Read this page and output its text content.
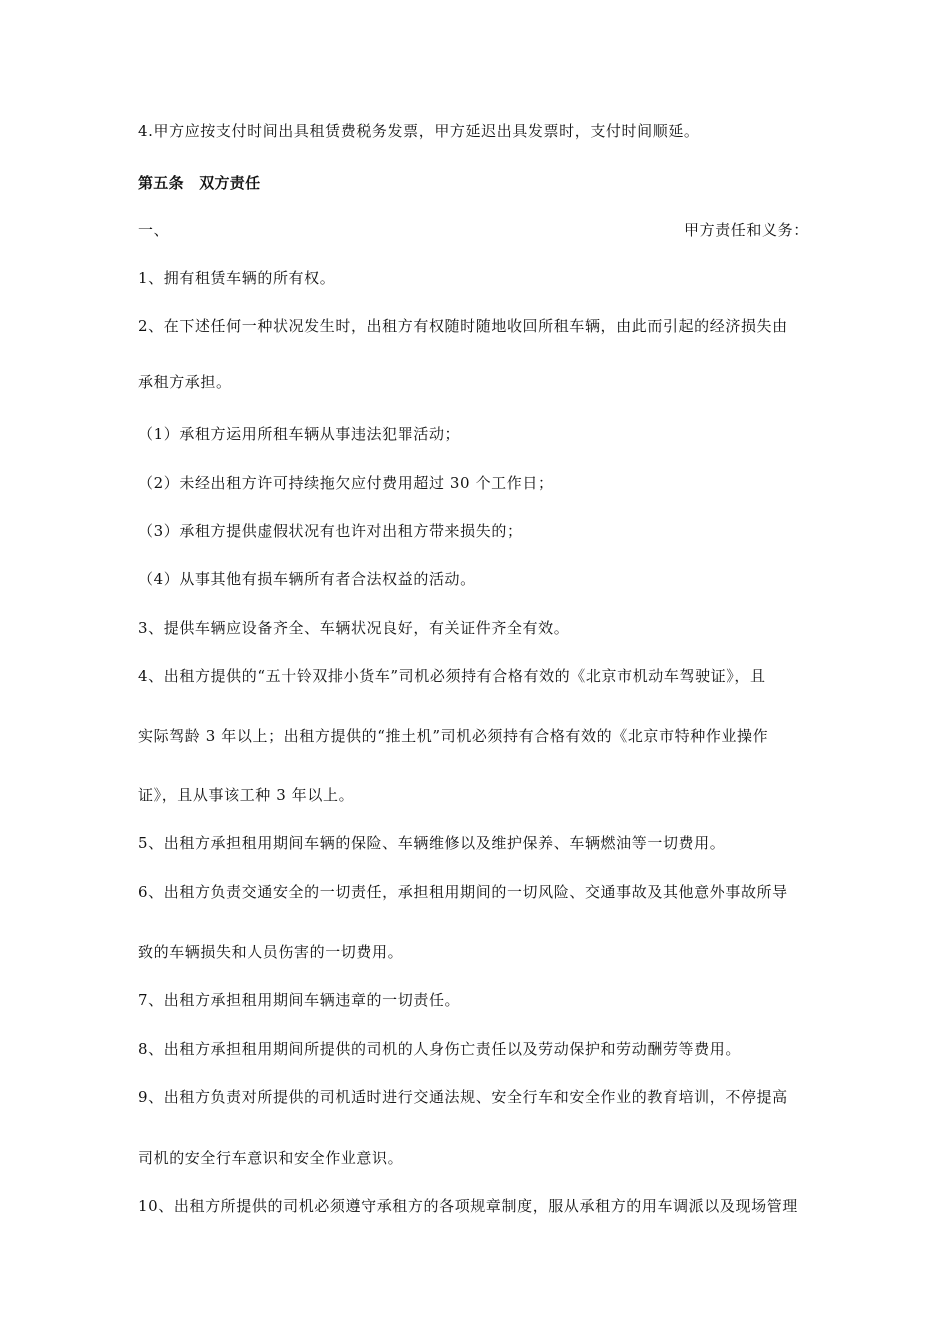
4.甲方应按支付时间出具租赁费税务发票，甲方延迟出具发票时，支付时间顺延。
第五条　双方责任
一、	甲方责任和义务：
1、拥有租赁车辆的所有权。
2、在下述任何一种状况发生时，出租方有权随时随地收回所租车辆，由此而引起的经济损失由
承租方承担。
（1）承租方运用所租车辆从事违法犯罪活动；
（2）未经出租方许可持续拖欠应付费用超过 30 个工作日；
（3）承租方提供虚假状况有也许对出租方带来损失的；
（4）从事其他有损车辆所有者合法权益的活动。
3、提供车辆应设备齐全、车辆状况良好，有关证件齐全有效。
4、出租方提供的“五十铃双排小货车”司机必须持有合格有效的《北京市机动车驾驶证》，且
实际驾龄 3 年以上；出租方提供的“推土机”司机必须持有合格有效的《北京市特种作业操作
证》，且从事该工种 3 年以上。
5、出租方承担租用期间车辆的保险、车辆维修以及维护保养、车辆燃油等一切费用。
6、出租方负责交通安全的一切责任，承担租用期间的一切风险、交通事故及其他意外事故所导
致的车辆损失和人员伤害的一切费用。
7、出租方承担租用期间车辆违章的一切责任。
8、出租方承担租用期间所提供的司机的人身伤亡责任以及劳动保护和劳动酬劳等费用。
9、出租方负责对所提供的司机适时进行交通法规、安全行车和安全作业的教育培训，不停提高
司机的安全行车意识和安全作业意识。
10、出租方所提供的司机必须遵守承租方的各项规章制度，服从承租方的用车调派以及现场管理
